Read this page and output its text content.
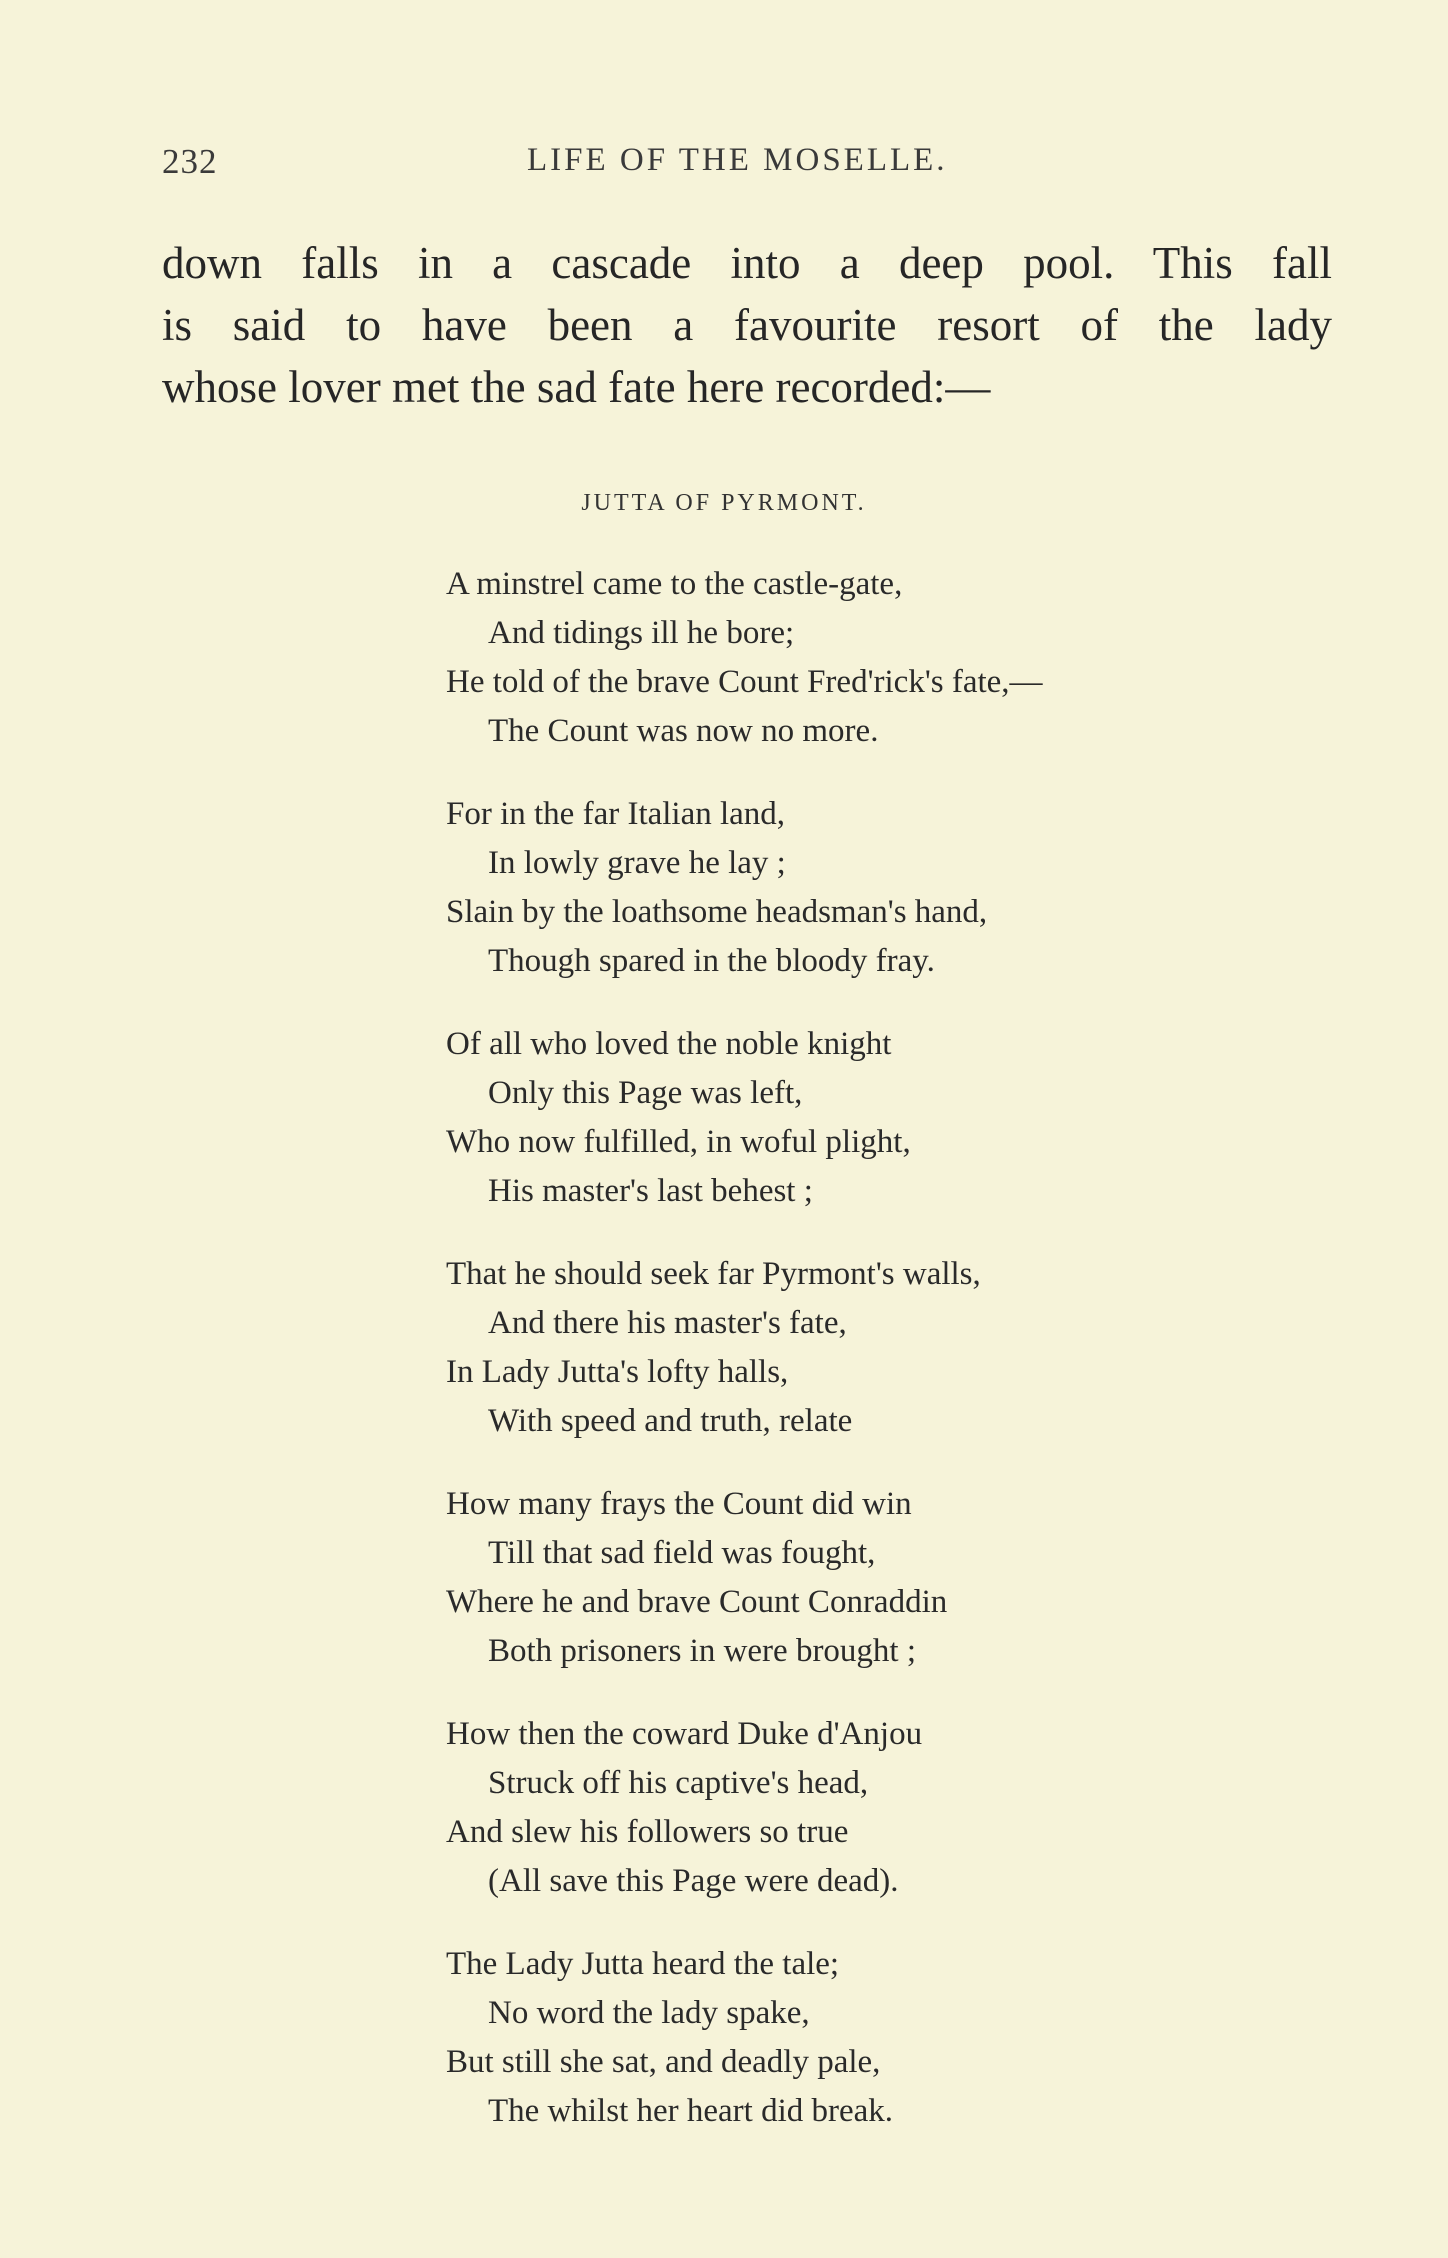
232	LIFE OF THE MOSELLE.
down falls in a cascade into a deep pool. This fall
is said to have been a favourite resort of the lady
whose lover met the sad fate here recorded:—
JUTTA OF PYRMONT.
A minstrel came to the castle-gate,
And tidings ill he bore;
He told of the brave Count Fred'rick's fate,—
The Count was now no more.
For in the far Italian land,
In lowly grave he lay ;
Slain by the loathsome headsman's hand,
Though spared in the bloody fray.
Of all who loved the noble knight
Only this Page was left,
Who now fulfilled, in woful plight,
His master's last behest ;
That he should seek far Pyrmont's walls,
And there his master's fate,
In Lady Jutta's lofty halls,
With speed and truth, relate
How many frays the Count did win
Till that sad field was fought,
Where he and brave Count Conraddin
Both prisoners in were brought ;
How then the coward Duke d'Anjou
Struck off his captive's head,
And slew his followers so true
(All save this Page were dead).
The Lady Jutta heard the tale;
No word the lady spake,
But still she sat, and deadly pale,
The whilst her heart did break.
